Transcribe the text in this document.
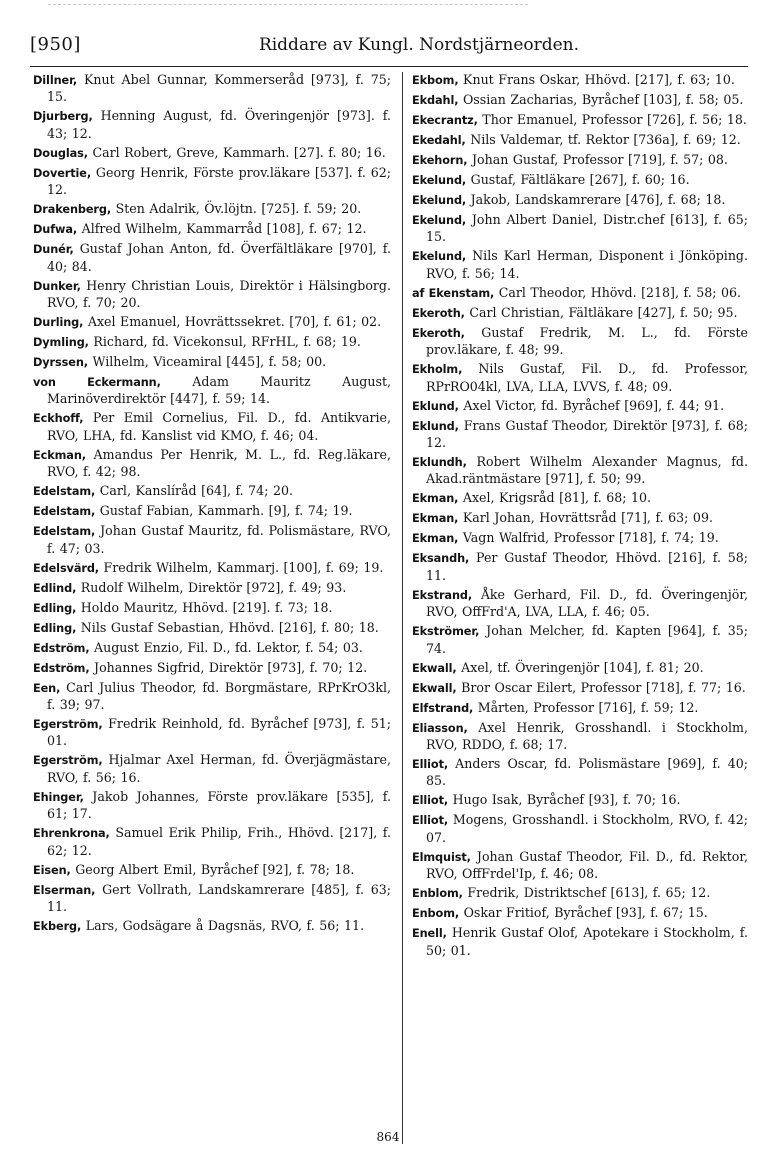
[950]	Riddare av Kungl. Nordstjärneorden.

Dillner, Knut Abel Gunnar, Kommerseråd [973], f. 75; 15.

Djurberg, Henning August, fd. Överingenjör [973]. f. 43; 12.

Douglas, Carl Robert, Greve, Kammarh. [27]. f. 80; 16.

Dovertie, Georg Henrik, Förste prov.läkare [537]. f. 62; 12.

Drakenberg, Sten Adalrik, Öv.löjtn. [725]. f. 59; 20.

Dufwa, Alfred Wilhelm, Kammarråd [108], f. 67; 12.

Dunér, Gustaf Johan Anton, fd. Överfältläkare [970], f. 40; 84.

Dunker, Henry Christian Louis, Direktör i Hälsingborg. RVO, f. 70; 20.

Durling, Axel Emanuel, Hovrättssekret. [70], f. 61; 02.

Dymling, Richard, fd. Vicekonsul, RFrHL, f. 68; 19.

Dyrssen, Wilhelm, Viceamiral [445], f. 58; 00.

von Eckermann, Adam Mauritz August, Marinöverdirektör [447], f. 59; 14.

Eckhoff, Per Emil Cornelius, Fil. D., fd. Antikvarie, RVO, LHA, fd. Kanslist vid KMO, f. 46; 04.

Eckman, Amandus Per Henrik, M. L., fd. Reg.läkare, RVO, f. 42; 98.

Edelstam, Carl, Kanslíråd [64], f. 74; 20.

Edelstam, Gustaf Fabian, Kammarh. [9], f. 74; 19.

Edelstam, Johan Gustaf Mauritz, fd. Polismästare, RVO, f. 47; 03.

Edelsvärd, Fredrik Wilhelm, Kammarj. [100], f. 69; 19.

Edlind, Rudolf Wilhelm, Direktör [972], f. 49; 93.

Edling, Holdo Mauritz, Hhövd. [219]. f. 73; 18.

Edling, Nils Gustaf Sebastian, Hhövd. [216], f. 80; 18.

Edström, August Enzio, Fil. D., fd. Lektor, f. 54; 03.

Edström, Johannes Sigfrid, Direktör [973], f. 70; 12.

Een, Carl Julius Theodor, fd. Borgmästare, RPrKrO3kl, f. 39; 97.

Egerström, Fredrik Reinhold, fd. Byråchef [973], f. 51; 01.

Egerström, Hjalmar Axel Herman, fd. Överjägmästare, RVO, f. 56; 16.

Ehinger, Jakob Johannes, Förste prov.läkare [535], f. 61; 17.

Ehrenkrona, Samuel Erik Philip, Frih., Hhövd. [217], f. 62; 12.

Eisen, Georg Albert Emil, Byråchef [92], f. 78; 18.

Elserman, Gert Vollrath, Landskamrerare [485], f. 63; 11.

Ekberg, Lars, Godsägare å Dagsnäs, RVO, f. 56; 11.

Ekbom, Knut Frans Oskar, Hhövd. [217], f. 63; 10.

Ekdahl, Ossian Zacharias, Byråchef [103], f. 58; 05.

Ekecrantz, Thor Emanuel, Professor [726], f. 56; 18.

Ekedahl, Nils Valdemar, tf. Rektor [736a], f. 69; 12.

Ekehorn, Johan Gustaf, Professor [719], f. 57; 08.

Ekelund, Gustaf, Fältläkare [267], f. 60; 16.

Ekelund, Jakob, Landskamrerare [476], f. 68; 18.

Ekelund, John Albert Daniel, Distr.chef [613], f. 65; 15.

Ekelund, Nils Karl Herman, Disponent i Jönköping. RVO, f. 56; 14.

af Ekenstam, Carl Theodor, Hhövd. [218], f. 58; 06.

Ekeroth, Carl Christian, Fältläkare [427], f. 50; 95.

Ekeroth, Gustaf Fredrik, M. L., fd. Förste prov.läkare, f. 48; 99.

Ekholm, Nils Gustaf, Fil. D., fd. Professor, RPrRO04kl, LVA, LLA, LVVS, f. 48; 09.

Eklund, Axel Victor, fd. Byråchef [969], f. 44; 91.

Eklund, Frans Gustaf Theodor, Direktör [973], f. 68; 12.

Eklundh, Robert Wilhelm Alexander Magnus, fd. Akad.räntmästare [971], f. 50; 99.

Ekman, Axel, Krigsråd [81], f. 68; 10.

Ekman, Karl Johan, Hovrättsråd [71], f. 63; 09.

Ekman, Vagn Walfrid, Professor [718], f. 74; 19.

Eksandh, Per Gustaf Theodor, Hhövd. [216], f. 58; 11.

Ekstrand, Åke Gerhard, Fil. D., fd. Överingenjör, RVO, OffFrd'A, LVA, LLA, f. 46; 05.

Ekströmer, Johan Melcher, fd. Kapten [964], f. 35; 74.

Ekwall, Axel, tf. Överingenjör [104], f. 81; 20.

Ekwall, Bror Oscar Eilert, Professor [718], f. 77; 16.

Elfstrand, Mårten, Professor [716], f. 59; 12.

Eliasson, Axel Henrik, Grosshandl. i Stockholm, RVO, RDDO, f. 68; 17.

Elliot, Anders Oscar, fd. Polismästare [969], f. 40; 85.

Elliot, Hugo Isak, Byråchef [93], f. 70; 16.

Elliot, Mogens, Grosshandl. i Stockholm, RVO, f. 42; 07.

Elmquist, Johan Gustaf Theodor, Fil. D., fd. Rektor, RVO, OffFrdel'Ip, f. 46; 08.

Enblom, Fredrik, Distriktschef [613], f. 65; 12.

Enbom, Oskar Fritiof, Byråchef [93], f. 67; 15.

Enell, Henrik Gustaf Olof, Apotekare i Stockholm, f. 50; 01.

864
